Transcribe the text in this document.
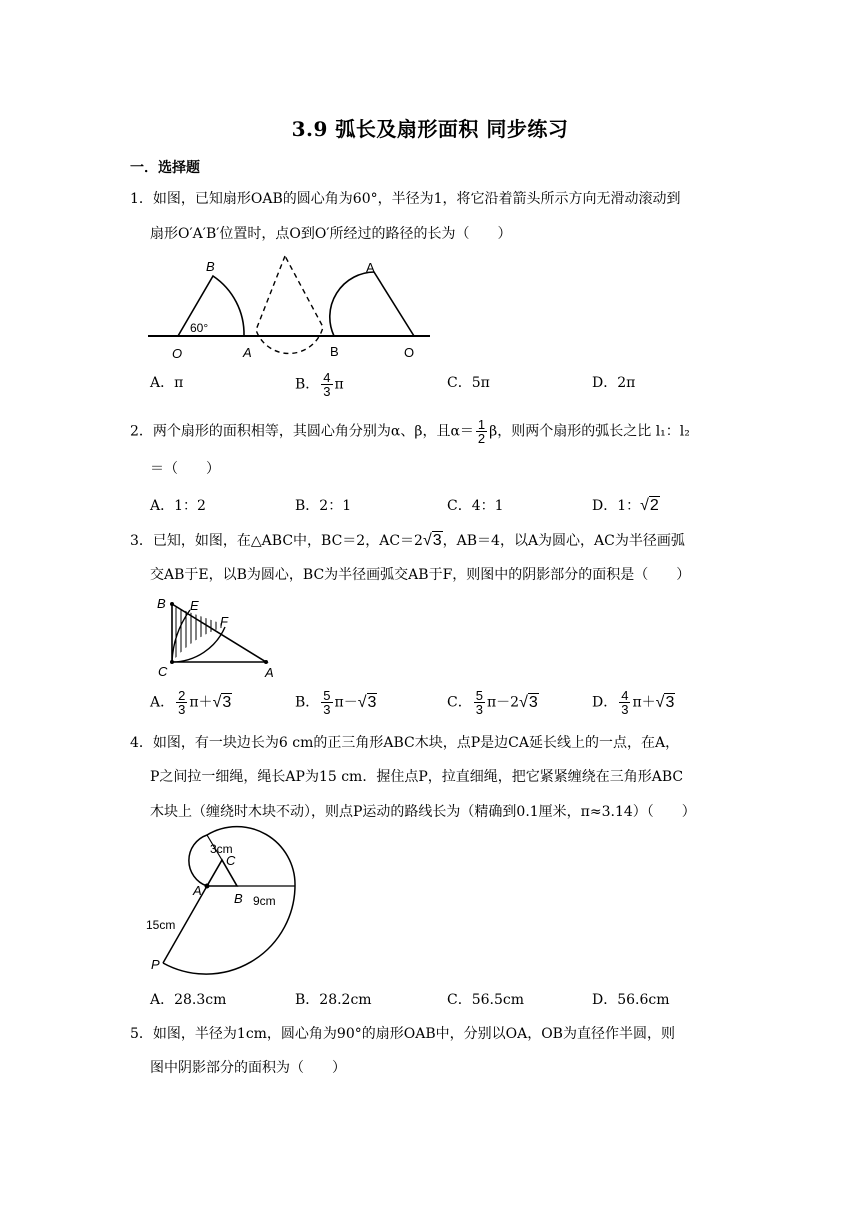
3.9 弧长及扇形面积 同步练习
一．选择题
1．如图，已知扇形OAB的圆心角为60°，半径为1，将它沿着箭头所示方向无滑动滚动到
扇形O′A′B′位置时，点O到O′所经过的路径的长为（　　）
B
60°
O	A
A
B	O
A．π	B． $\frac{4}{3}$ π	C．5π	D．2π
2．两个扇形的面积相等，其圆心角分别为α、β，且$\alpha= \frac{1}{2}$ β，则两个扇形的弧长之比 l₁：l₂
＝（　　）
A．1：2	B．2：1	C．4：1	D．1：√2
3．已知，如图，在△ABC中，BC＝2，AC＝2√3，AB＝4，以A为圆心，AC为半径画弧
交AB于E，以B为圆心，BC为半径画弧交AB于F，则图中的阴影部分的面积是（　　）
B E
F
C	A
A． $\frac{2}{3} \pi+√3$	B． $\frac{5}{3} \pi-√3$	C． $\frac{5}{3} \pi-2√3$	D． $\frac{4}{3} \pi+√3$
4．如图，有一块边长为6 cm的正三角形ABC木块，点P是边CA延长线上的一点，在A，
P之间拉一细绳，绳长AP为15 cm．握住点P，拉直细绳，把它紧紧缠绕在三角形ABC
木块上（缠绕时木块不动），则点P运动的路线长为（精确到0.1厘米，π≈3.14）（　　）
3cm
C
A
B 9cm
15cm
P
A．28.3cm	B．28.2cm	C．56.5cm	D．56.6cm
5．如图，半径为1cm，圆心角为90°的扇形OAB中，分别以OA，OB为直径作半圆，则
图中阴影部分的面积为（　　）
